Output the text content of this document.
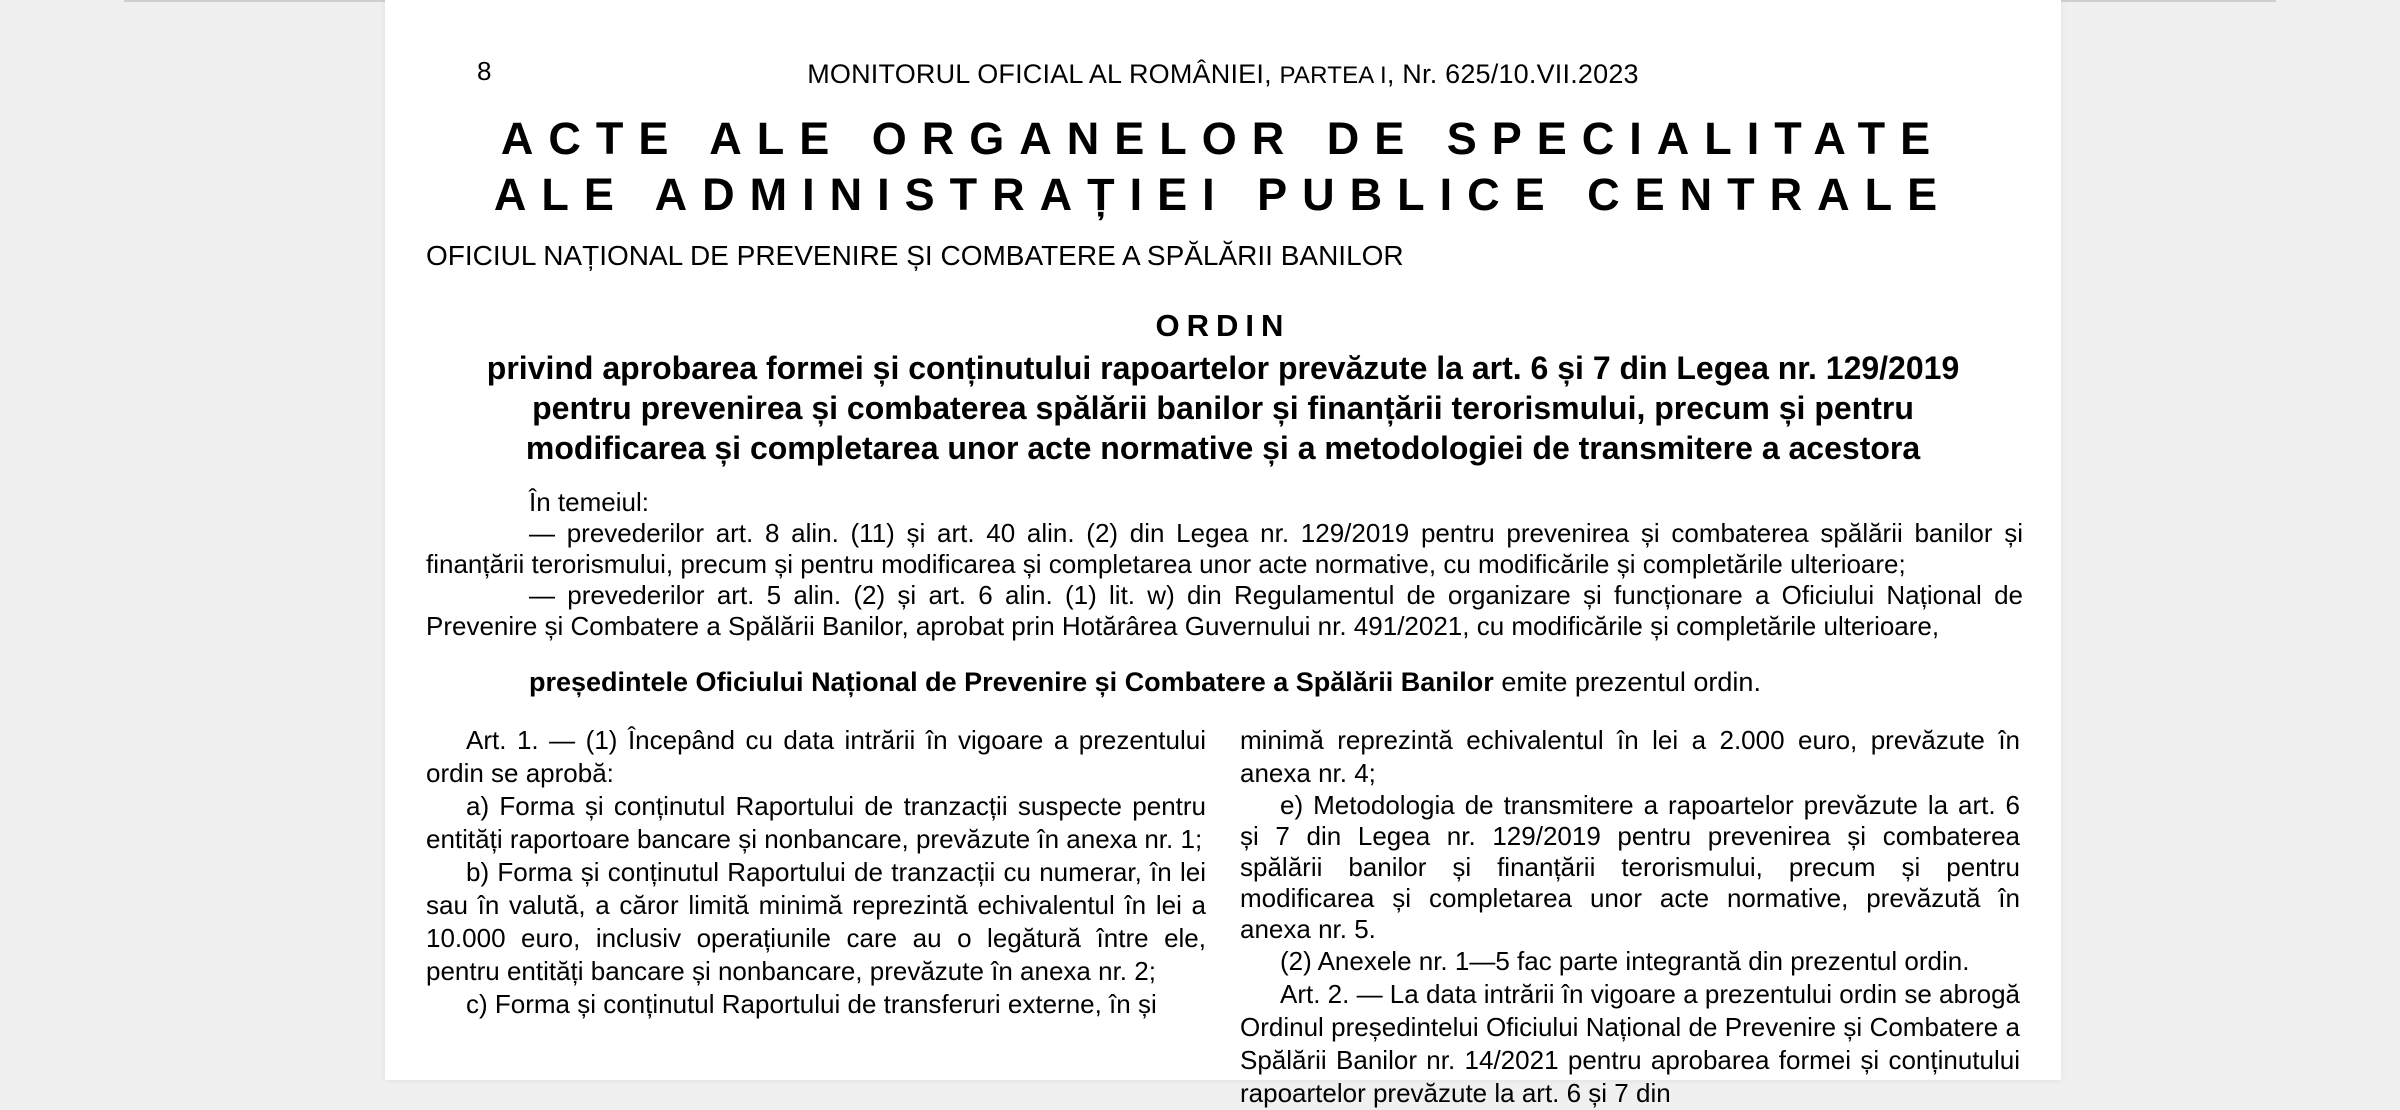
8	MONITORUL OFICIAL AL ROMÂNIEI, PARTEA I, Nr. 625/10.VII.2023
ACTE ALE ORGANELOR DE SPECIALITATE
ALE ADMINISTRAȚIEI PUBLICE CENTRALE
OFICIUL NAȚIONAL DE PREVENIRE ȘI COMBATERE A SPĂLĂRII BANILOR
ORDIN
privind aprobarea formei și conținutului rapoartelor prevăzute la art. 6 și 7 din Legea nr. 129/2019
pentru prevenirea și combaterea spălării banilor și finanțării terorismului, precum și pentru
modificarea și completarea unor acte normative și a metodologiei de transmitere a acestora

În temeiul:

— prevederilor art. 8 alin. (11) și art. 40 alin. (2) din Legea nr. 129/2019 pentru prevenirea și combaterea spălării banilor și finanțării terorismului, precum și pentru modificarea și completarea unor acte normative, cu modificările și completările ulterioare;

— prevederilor art. 5 alin. (2) și art. 6 alin. (1) lit. w) din Regulamentul de organizare și funcționare a Oficiului Național de Prevenire și Combatere a Spălării Banilor, aprobat prin Hotărârea Guvernului nr. 491/2021, cu modificările și completările ulterioare,

președintele Oficiului Național de Prevenire și Combatere a Spălării Banilor emite prezentul ordin.

Art. 1. — (1) Începând cu data intrării în vigoare a prezentului ordin se aprobă:

a) Forma și conținutul Raportului de tranzacții suspecte pentru entități raportoare bancare și nonbancare, prevăzute în anexa nr. 1;

b) Forma și conținutul Raportului de tranzacții cu numerar, în lei sau în valută, a căror limită minimă reprezintă echivalentul în lei a 10.000 euro, inclusiv operațiunile care au o legătură între ele, pentru entități bancare și nonbancare, prevăzute în anexa nr. 2;

c) Forma și conținutul Raportului de transferuri externe, în și

minimă reprezintă echivalentul în lei a 2.000 euro, prevăzute în anexa nr. 4;

e) Metodologia de transmitere a rapoartelor prevăzute la art. 6 și 7 din Legea nr. 129/2019 pentru prevenirea și combaterea spălării banilor și finanțării terorismului, precum și pentru modificarea și completarea unor acte normative, prevăzută în anexa nr. 5.

(2) Anexele nr. 1—5 fac parte integrantă din prezentul ordin.

Art. 2. — La data intrării în vigoare a prezentului ordin se abrogă Ordinul președintelui Oficiului Național de Prevenire și Combatere a Spălării Banilor nr. 14/2021 pentru aprobarea formei și conținutului rapoartelor prevăzute la art. 6 și 7 din
